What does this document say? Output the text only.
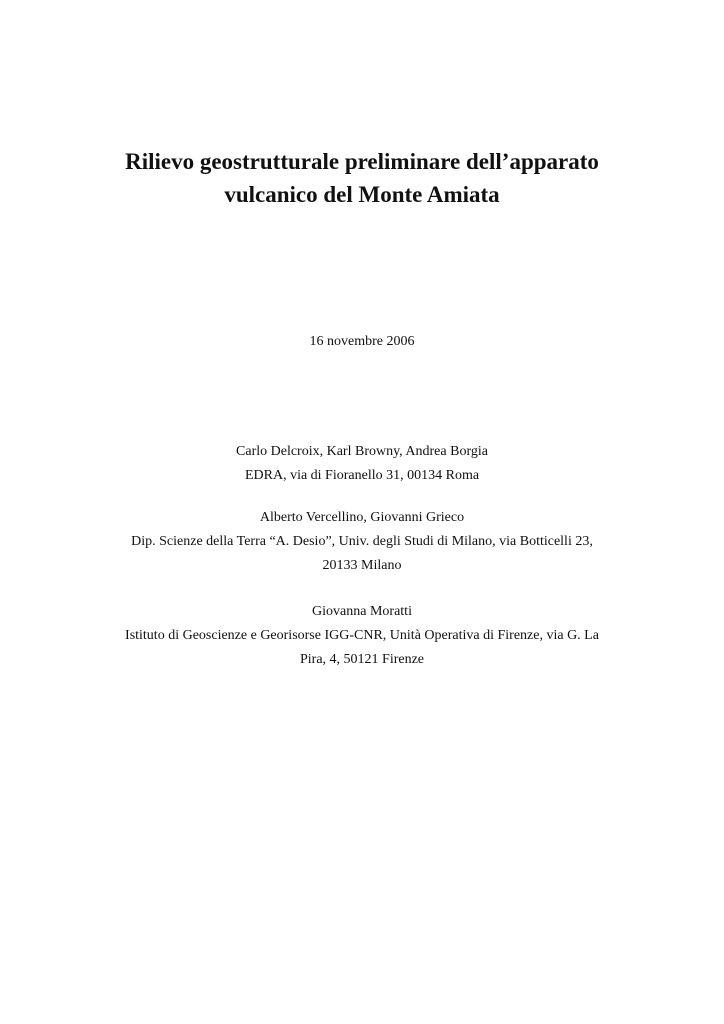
Rilievo geostrutturale preliminare dell’apparato
vulcanico del Monte Amiata
16 novembre 2006
Carlo Delcroix, Karl Browny, Andrea Borgia
EDRA, via di Fioranello 31, 00134 Roma
Alberto Vercellino, Giovanni Grieco
Dip. Scienze della Terra “A. Desio”, Univ. degli Studi di Milano, via Botticelli 23,
20133 Milano
Giovanna Moratti
Istituto di Geoscienze e Georisorse IGG-CNR, Unità Operativa di Firenze, via G. La
Pira, 4, 50121 Firenze
